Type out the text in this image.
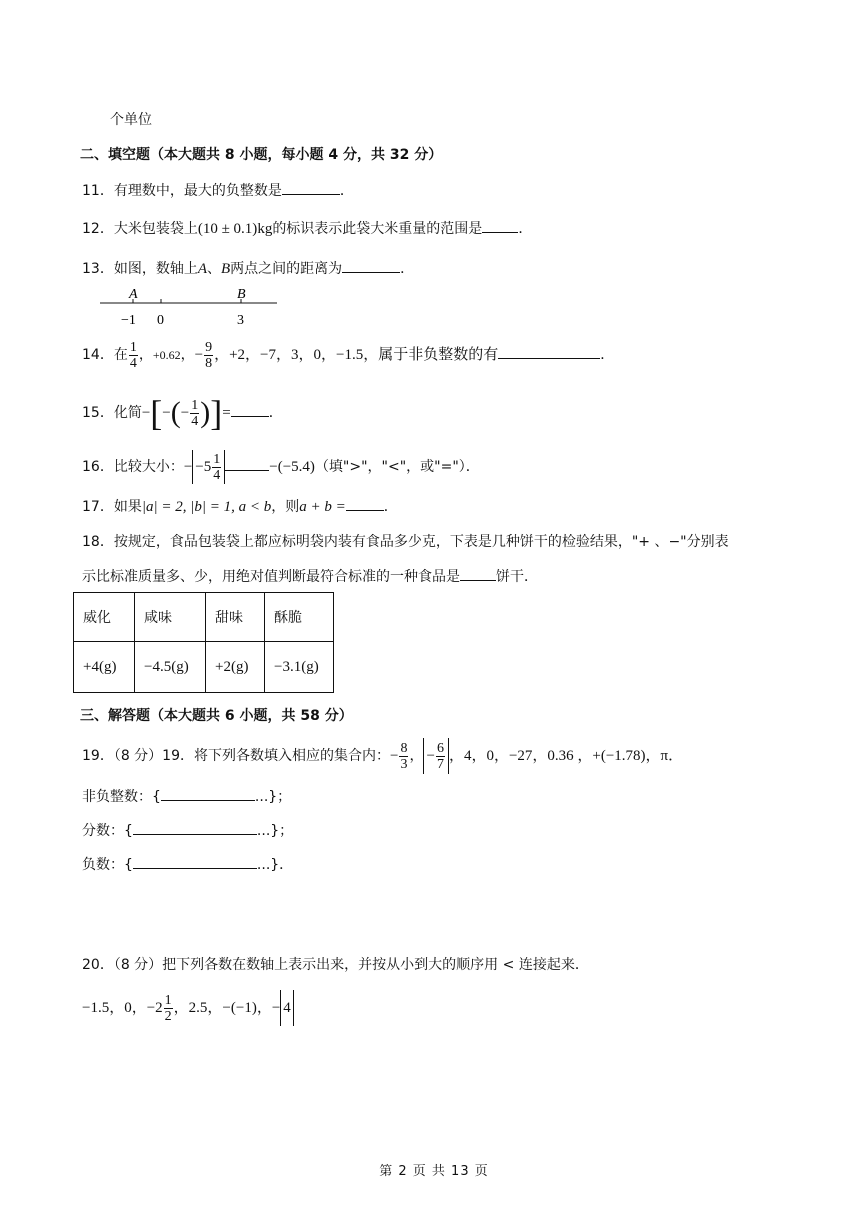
个单位
二、填空题（本大题共 8 小题，每小题 4 分，共 32 分）
11．有理数中，最大的负整数是	．
12．大米包装袋上(10 ± 0.1)kg的标识表示此袋大米重量的范围是	．
13．如图，数轴上A、B两点之间的距离为	．
A	B
−1 0	3
14．在 $\frac{1}{4}$ ，+0.62，− $\frac{9}{8}$ ，+2，−7，3，0，−1.5，属于非负整数的有	．
15．化简−[−(− $\frac{1}{4}$ )]=	．
16．比较大小：− $-5 \frac{1}{4}$	−(−5.4)（填">"，"<"，或"="）．
17．如果|a| = 2, |b| = 1, a < b，则a + b =	．
18．按规定，食品包装袋上都应标明袋内装有食品多少克，下表是几种饼干的检验结果，"+ 、−"分别表
示比标准质量多、少，用绝对值判断最符合标准的一种食品是	饼干．
威化	咸味	甜味	酥脆
+4(g)	−4.5(g)	+2(g)	−3.1(g)
三、解答题（本大题共 6 小题，共 58 分）
19．（8 分）19．将下列各数填入相应的集合内：− $\frac{8}{3}$ ， − $\frac{6}{7}$ ，4，0，−27，0.36 ，+(−1.78)，π．
非负整数：{	...}；
分数：{	...}；
负数：{	...}．
20．（8 分）把下列各数在数轴上表示出来，并按从小到大的顺序用 < 连接起来．
−1.5，0，$-2 \frac{1}{2}$ ，2.5，−(−1)，− 4
第 2 页 共 13 页
